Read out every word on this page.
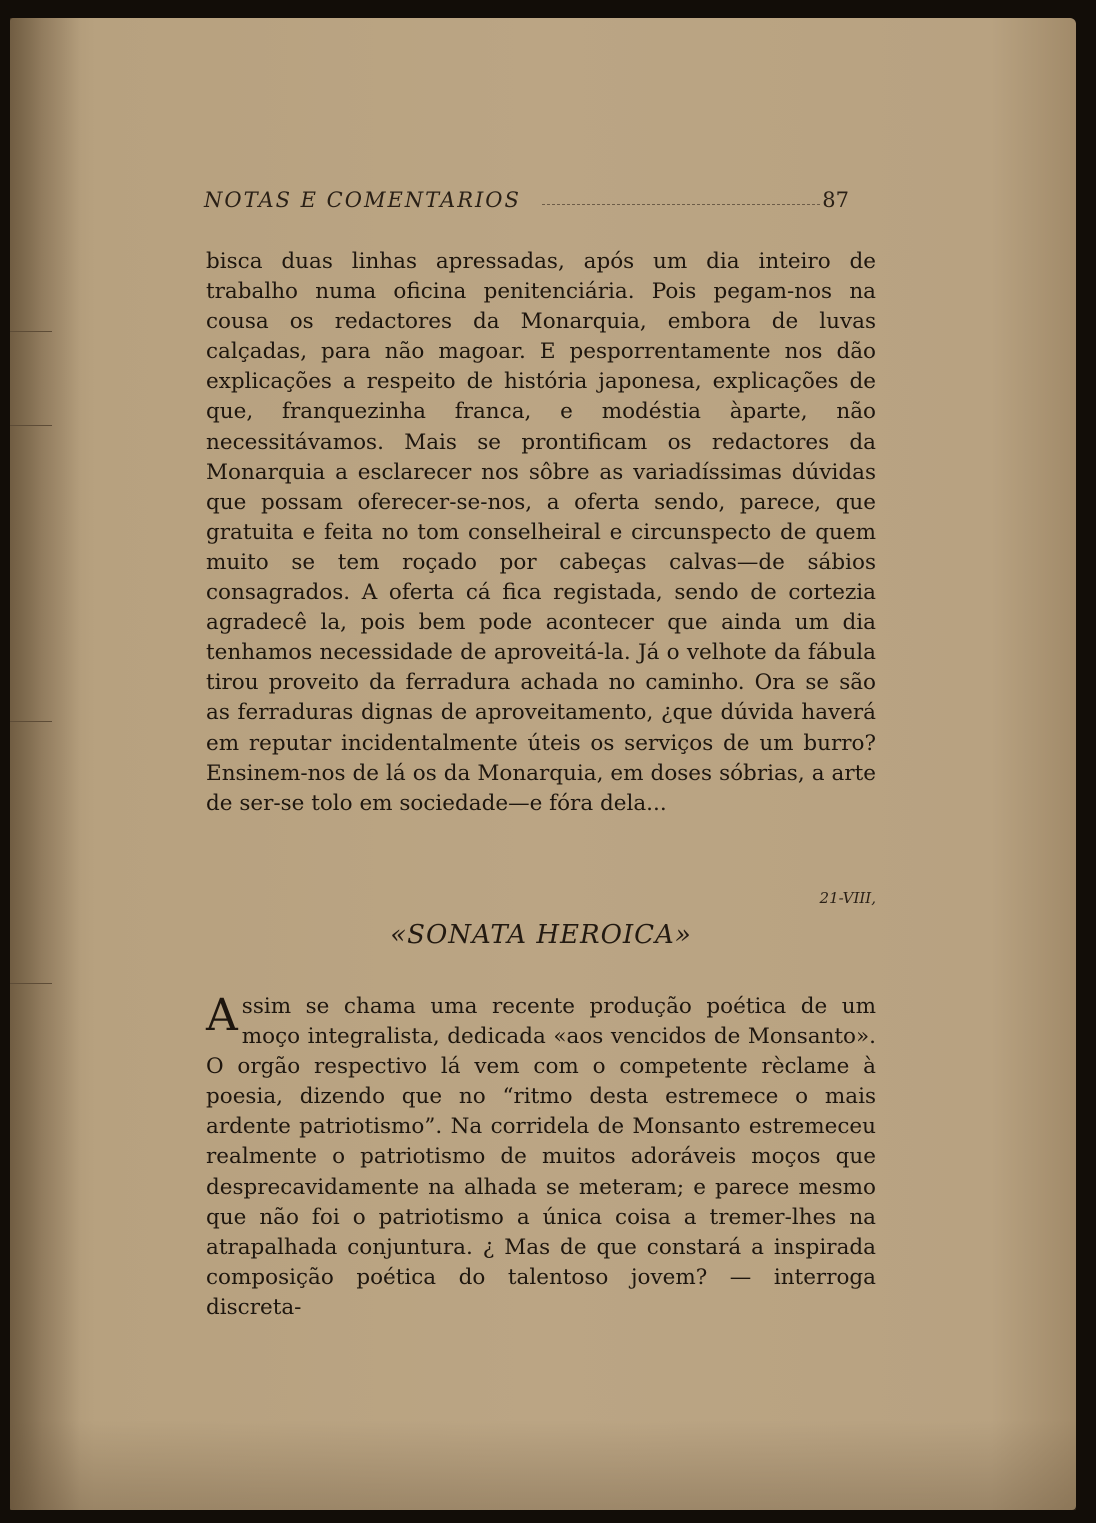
NOTAS E COMENTARIOS	87

bisca duas linhas apressadas, após um dia inteiro de trabalho numa oficina penitenciária. Pois pegam-nos na cousa os redactores da Monarquia, embora de luvas calçadas, para não magoar. E pesporrentamente nos dão explicações a respeito de história japonesa, explicações de que, franquezinha franca, e modéstia àparte, não necessitávamos. Mais se prontificam os redactores da Monarquia a esclarecer nos sôbre as variadíssimas dúvidas que possam oferecer-se-nos, a oferta sendo, parece, que gratuita e feita no tom conselheiral e circunspecto de quem muito se tem roçado por cabeças calvas—de sábios consagrados. A oferta cá fica registada, sendo de cortezia agradecê la, pois bem pode acontecer que ainda um dia tenhamos necessidade de aproveitá-la. Já o velhote da fábula tirou proveito da ferradura achada no caminho. Ora se são as ferraduras dignas de aproveitamento, ¿que dúvida haverá em reputar incidentalmente úteis os serviços de um burro? Ensinem-nos de lá os da Monarquia, em doses sóbrias, a arte de ser-se tolo em sociedade—e fóra dela...

21-VIII,
«SONATA HEROICA»

Assim se chama uma recente produção poética de um moço integralista, dedicada «aos vencidos de Monsanto». O orgão respectivo lá vem com o competente rèclame à poesia, dizendo que no “ritmo desta estremece o mais ardente patriotismo”. Na corridela de Monsanto estremeceu realmente o patriotismo de muitos adoráveis moços que desprecavidamente na alhada se meteram; e parece mesmo que não foi o patriotismo a única coisa a tremer-lhes na atrapalhada conjuntura. ¿ Mas de que constará a inspirada composição poética do talentoso jovem? — interroga discreta-
